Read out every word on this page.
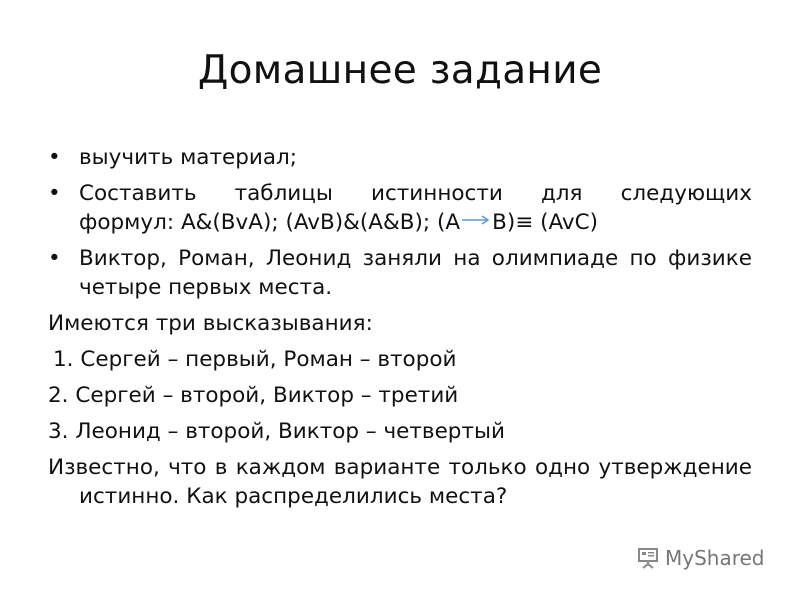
Домашнее задание
• выучить материал;
• Составить таблицы истинности для следующих
формул: А&(BvA); (AvB)&(A&B); (A B)≡ (AvC)
• Виктор, Роман, Леонид заняли на олимпиаде по физике четыре первых места.
Имеются три высказывания:
1. Сергей – первый, Роман – второй
2. Сергей – второй, Виктор – третий
3. Леонид – второй, Виктор – четвертый
Известно, что в каждом варианте только одно утверждение истинно. Как распределились места?
MyShared
